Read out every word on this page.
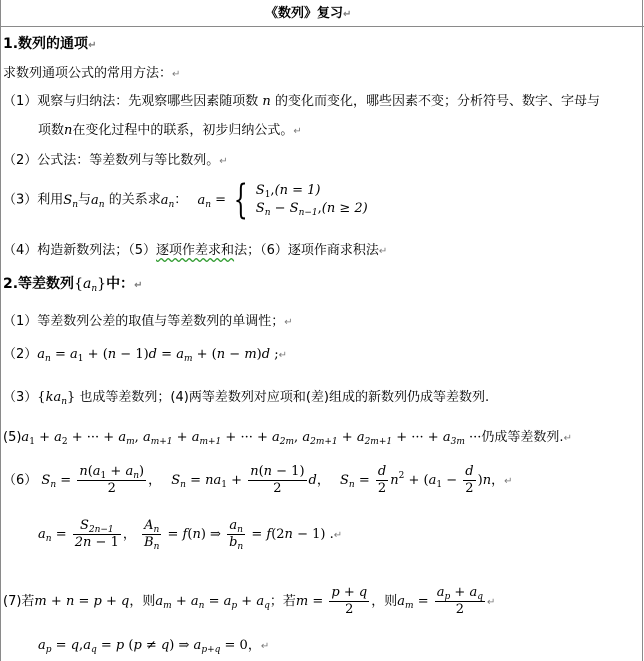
《数列》复习↵
1.数列的通项↵
求数列通项公式的常用方法：↵
（1）观察与归纳法：先观察哪些因素随项数 n 的变化而变化，哪些因素不变；分析符号、数字、字母与
项数n在变化过程中的联系，初步归纳公式。↵
（2）公式法：等差数列与等比数列。↵
（3）利用$S_n$与$a_n$ 的关系求$a_n$： $a_n$ = { $S_1,(n = 1)$
$S_n - S_{n-1},(n \ge 2)$
（4）构造新数列法；（5）逐项作差求和法；（6）逐项作商求积法↵
2.等差数列$\{a_n\}$中：↵
（1）等差数列公差的取值与等差数列的单调性；↵
$(2)a_n = a_1 + (n - 1)d = a_m + (n - m)d$ ;↵
$(3)\{ka_n\}$ 也成等差数列；(4)两等差数列对应项和(差)组成的新数列仍成等差数列.
$(5)a_1 + a_2$ + ··· + $a_m$, $a_{m+1} + a_{m+1}$ + ··· + $a_{2m}$, $a_{2m+1} + a_{2m+1}$ + ··· + $a_{3m}$ ···仍成等差数列.↵
（6） $S_n = \frac{n(a_1 + a_n)}{2}$ ， $S_n = na_1 + \frac{n(n - 1)}{2}$ d， $S_n = \frac{d}{2} n^2 + (a_1 - \frac{d}{2} )n$，↵
$a_n = \frac{S_{2n-1}}{2n - 1}$ ， $\frac{A_n}{B_n} = f(n)$ ⇒ $\frac{a_n}{b_n} = f(2n - 1)$ .↵
(7)若m + n = p + q，则$a_m + a_n = a_p + a_q$；若$m = \frac{p + q}{2}$ ，则$a_m = \frac{a_p + a_q}{2}$ ↵
$a_p = q,a_q = p$ (p ≠ q) ⇒ $a_{p+q} = 0$，↵
